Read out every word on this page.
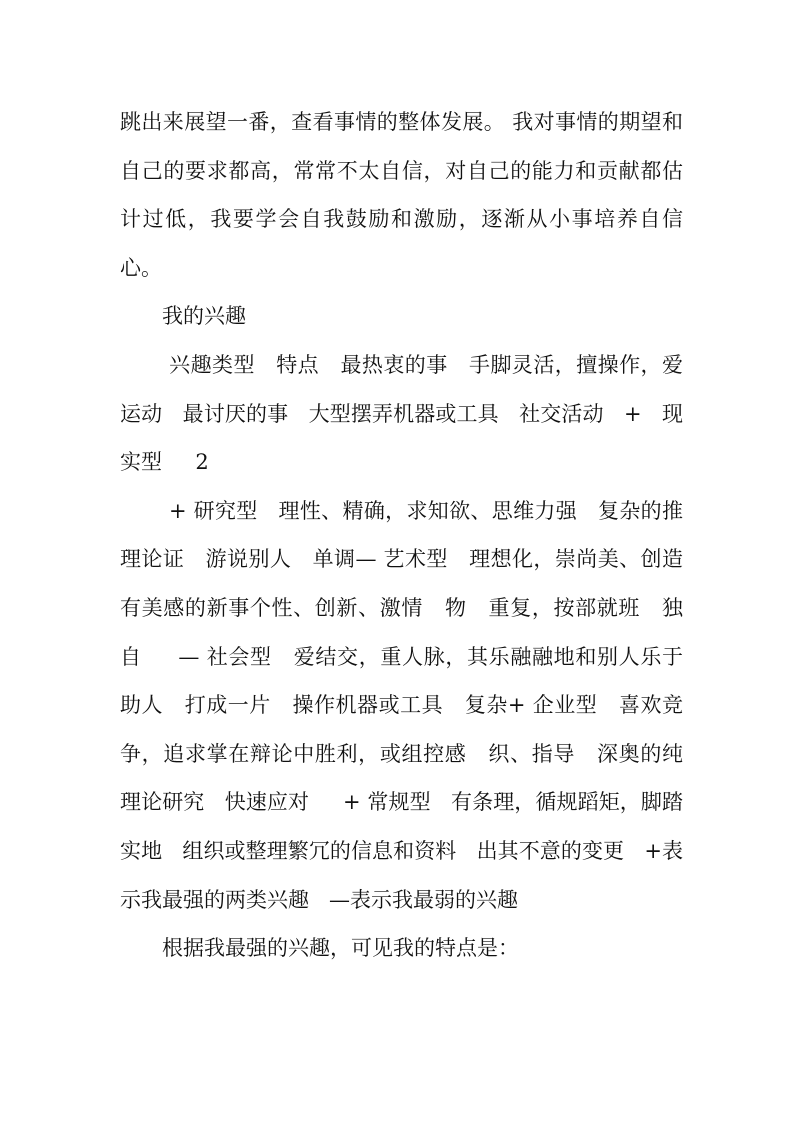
跳出来展望一番，查看事情的整体发展。 我对事情的期望和自己的要求都高，常常不太自信，对自己的能力和贡献都估计过低，我要学会自我鼓励和激励，逐渐从小事培养自信心。

我的兴趣

兴趣类型   特点   最热衷的事   手脚灵活，擅操作，爱运动   最讨厌的事   大型摆弄机器或工具   社交活动   +   现实型     2

+ 研究型   理性、精确，求知欲、思维力强   复杂的推理论证   游说别人   单调— 艺术型   理想化，崇尚美、创造有美感的新事个性、创新、激情   物   重复，按部就班   独自     — 社会型   爱结交，重人脉，其乐融融地和别人乐于助人   打成一片   操作机器或工具   复杂+ 企业型   喜欢竞争，追求掌在辩论中胜利，或组控感   织、指导   深奥的纯理论研究   快速应对     + 常规型   有条理，循规蹈矩，脚踏实地   组织或整理繁冗的信息和资料   出其不意的变更   +表示我最强的两类兴趣   —表示我最弱的兴趣

根据我最强的兴趣，可见我的特点是：
